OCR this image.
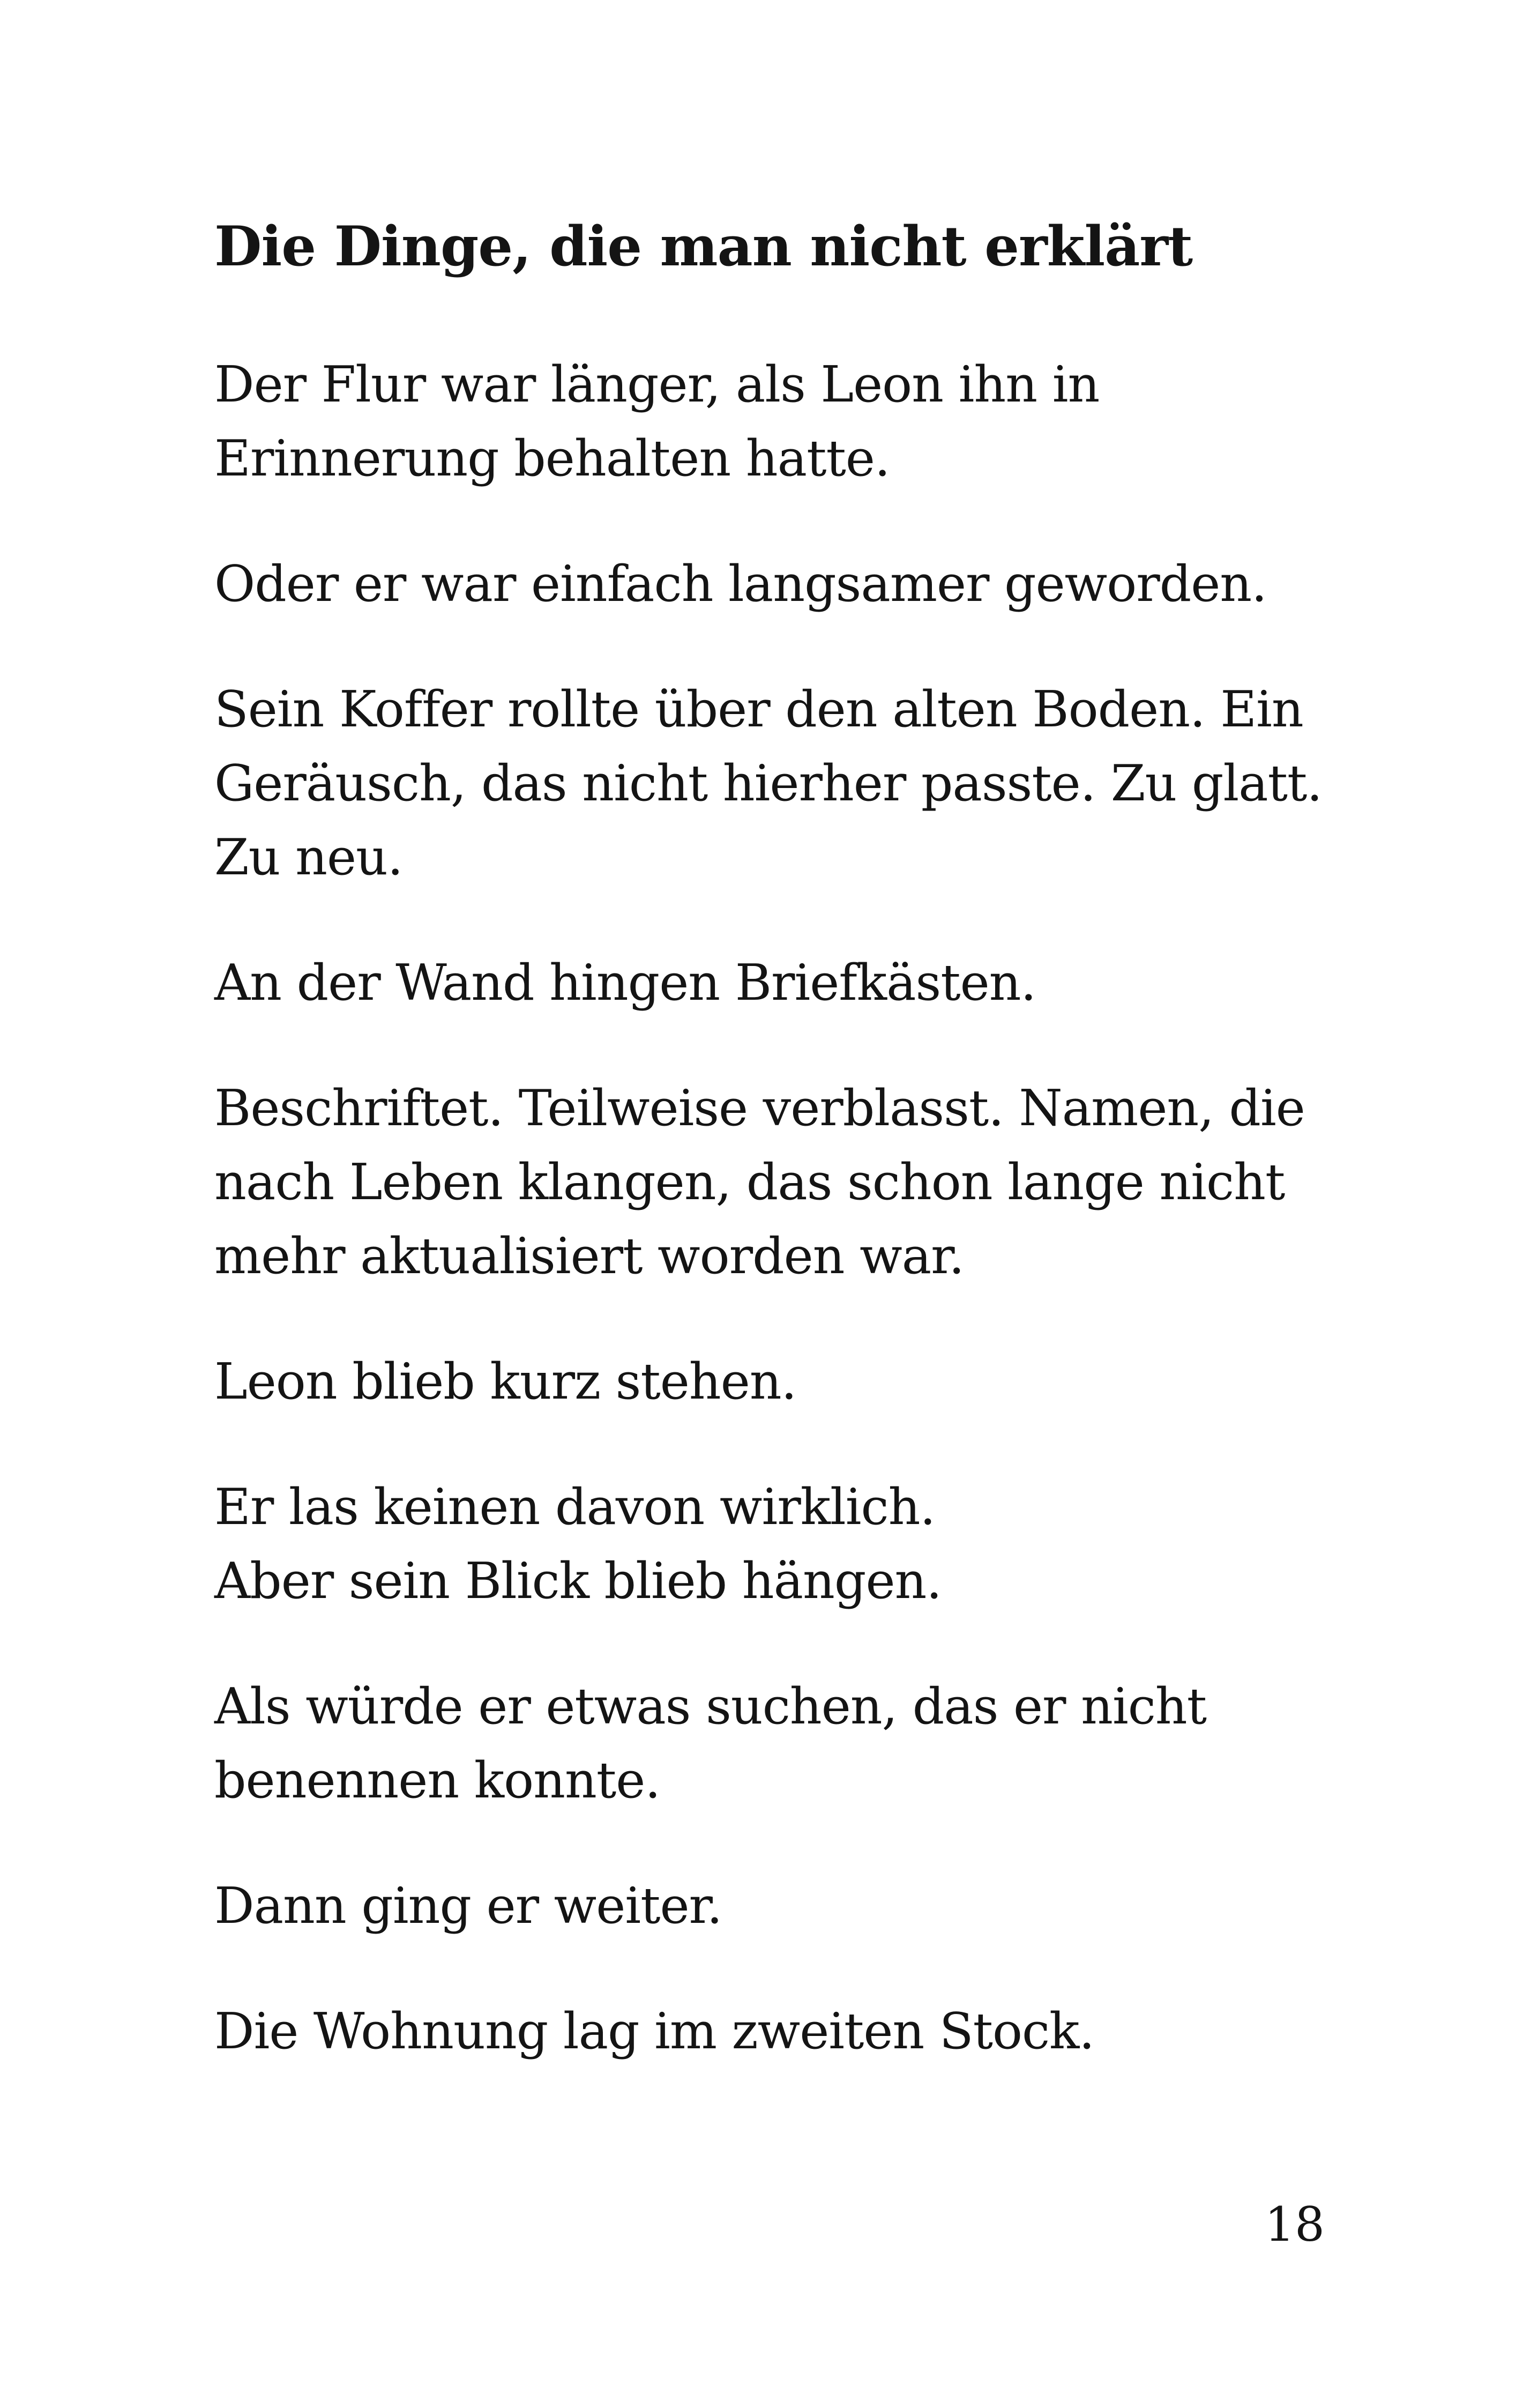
Die Dinge, die man nicht erklärt

Der Flur war länger, als Leon ihn in
Erinnerung behalten hatte.

Oder er war einfach langsamer geworden.

Sein Koffer rollte über den alten Boden. Ein
Geräusch, das nicht hierher passte. Zu glatt.
Zu neu.

An der Wand hingen Briefkästen.

Beschriftet. Teilweise verblasst. Namen, die
nach Leben klangen, das schon lange nicht
mehr aktualisiert worden war.

Leon blieb kurz stehen.

Er las keinen davon wirklich.
Aber sein Blick blieb hängen.

Als würde er etwas suchen, das er nicht
benennen konnte.

Dann ging er weiter.

Die Wohnung lag im zweiten Stock.

18
